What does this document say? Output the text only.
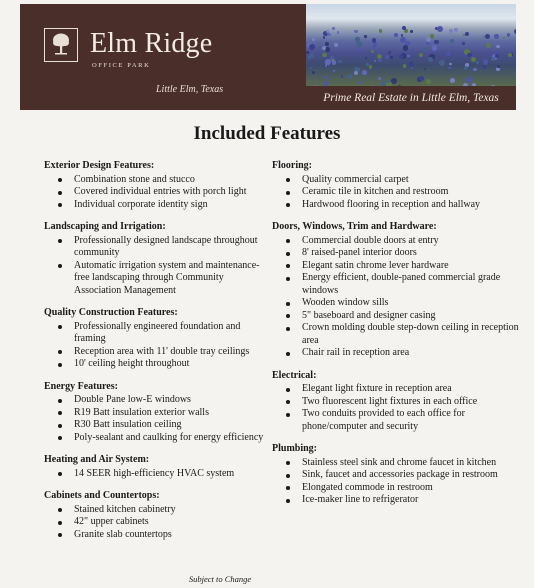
Prime Real Estate in Little Elm, Texas
Elm Ridge
OFFICE PARK
Little Elm, Texas
Included Features
Exterior Design Features:
Combination stone and stucco
Covered individual entries with porch light
Individual corporate identity sign
Landscaping and Irrigation:
Professionally designed landscape throughout community
Automatic irrigation system and maintenance-free landscaping through Community Association Management
Quality Construction Features:
Professionally engineered foundation and framing
Reception area with 11' double tray ceilings
10' ceiling height throughout
Energy Features:
Double Pane low-E windows
R19 Batt insulation exterior walls
R30 Batt insulation ceiling
Poly-sealant and caulking for energy efficiency
Heating and Air System:
14 SEER high-efficiency HVAC system
Cabinets and Countertops:
Stained kitchen cabinetry
42" upper cabinets
Granite slab countertops
Flooring:
Quality commercial carpet
Ceramic tile in kitchen and restroom
Hardwood flooring in reception and hallway
Doors, Windows, Trim and Hardware:
Commercial double doors at entry
8' raised-panel interior doors
Elegant satin chrome lever hardware
Energy efficient, double-paned commercial grade windows
Wooden window sills
5" baseboard and designer casing
Crown molding double step-down ceiling in reception area
Chair rail in reception area
Electrical:
Elegant light fixture in reception area
Two fluorescent light fixtures in each office
Two conduits provided to each office for phone/computer and security
Plumbing:
Stainless steel sink and chrome faucet in kitchen
Sink, faucet and accessories package in restroom
Elongated commode in restroom
Ice-maker line to refrigerator
Subject to Change
